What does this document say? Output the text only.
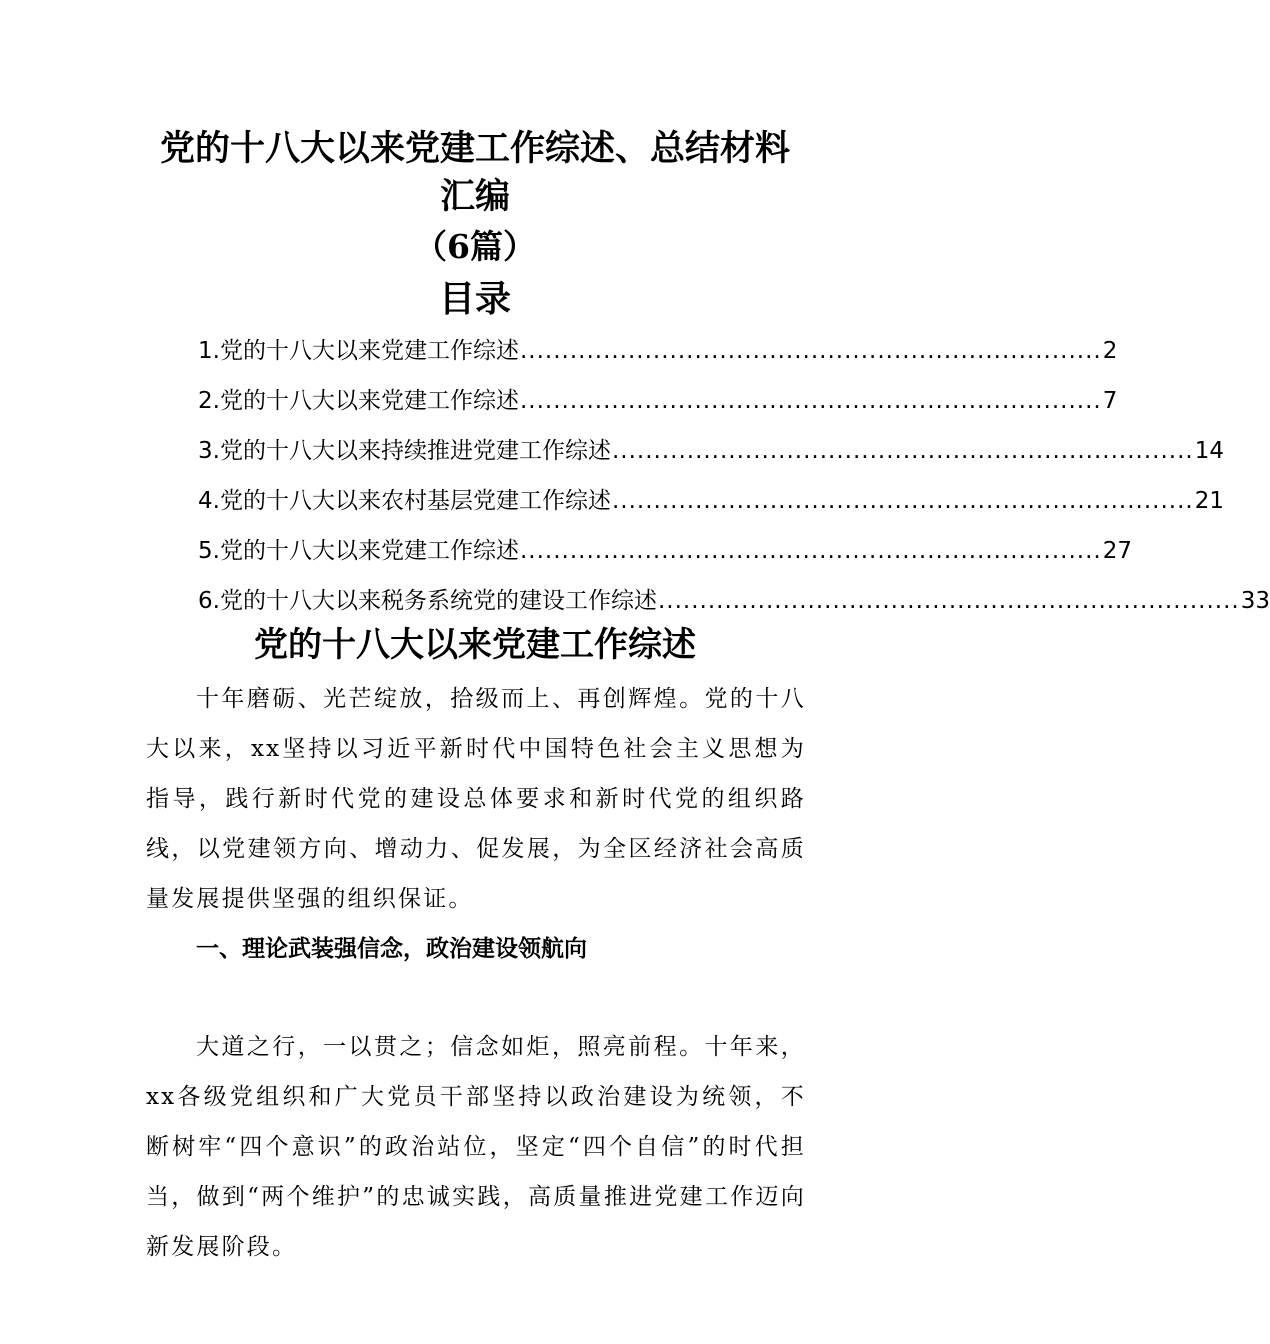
党的十八大以来党建工作综述、总结材料
汇编
（6篇）
目录
1.党的十八大以来党建工作综述 ...................................................................... 2
2.党的十八大以来党建工作综述 ...................................................................... 7
3.党的十八大以来持续推进党建工作综述 ...................................................................... 14
4.党的十八大以来农村基层党建工作综述 ...................................................................... 21
5.党的十八大以来党建工作综述 ...................................................................... 27
6.党的十八大以来税务系统党的建设工作综述 ...................................................................... 33
党的十八大以来党建工作综述

十年磨砺、光芒绽放，拾级而上、再创辉煌。党的十八大以来，xx坚持以习近平新时代中国特色社会主义思想为指导，践行新时代党的建设总体要求和新时代党的组织路线，以党建领方向、增动力、促发展，为全区经济社会高质量发展提供坚强的组织保证。

一、理论武装强信念，政治建设领航向

大道之行，一以贯之；信念如炬，照亮前程。十年来，xx各级党组织和广大党员干部坚持以政治建设为统领，不断树牢“四个意识”的政治站位，坚定“四个自信”的时代担当，做到“两个维护”的忠诚实践，高质量推进党建工作迈向新发展阶段。
